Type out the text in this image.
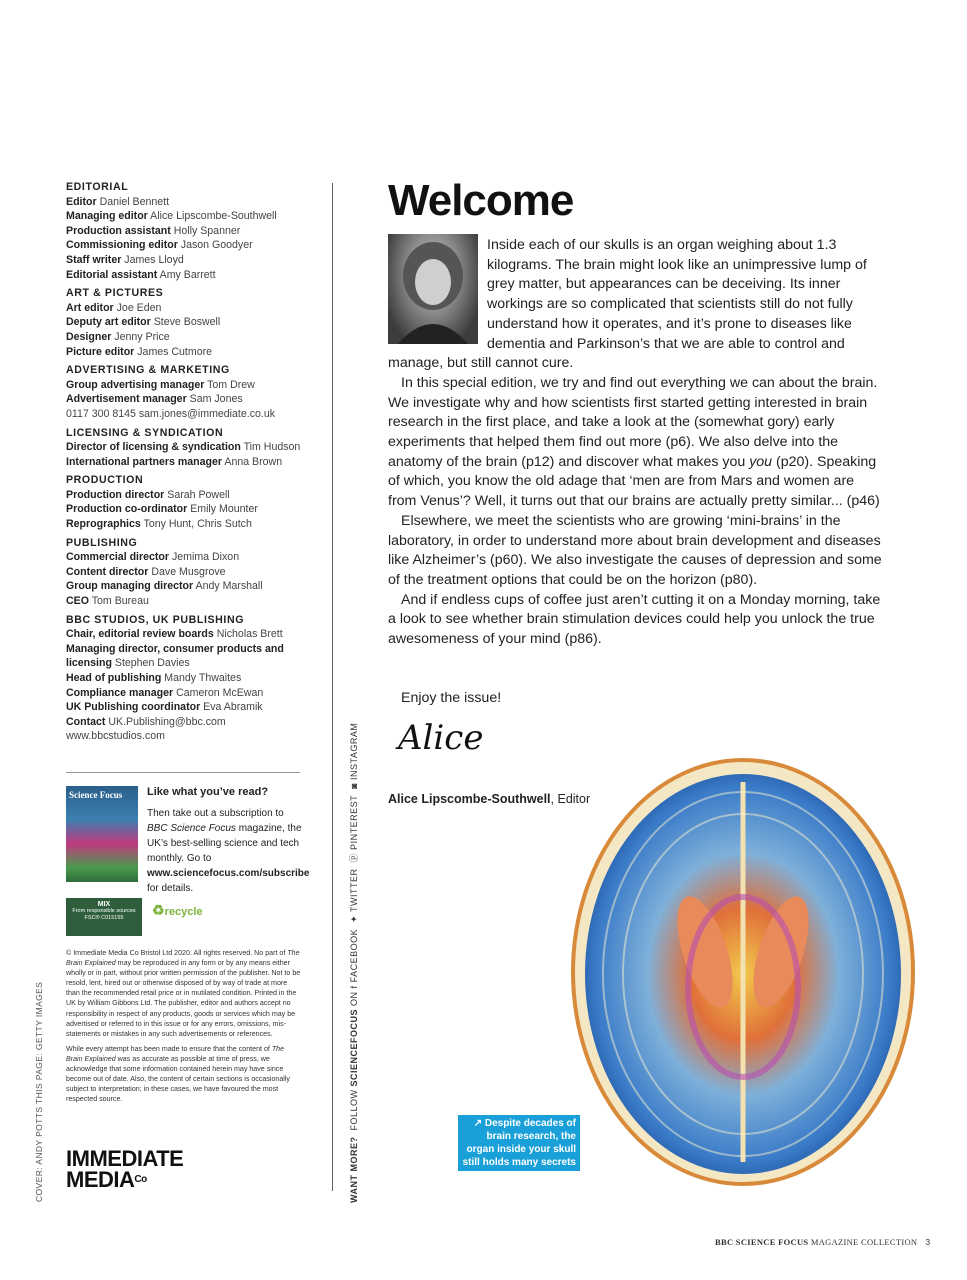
EDITORIAL
Editor Daniel Bennett
Managing editor Alice Lipscombe-Southwell
Production assistant Holly Spanner
Commissioning editor Jason Goodyer
Staff writer James Lloyd
Editorial assistant Amy Barrett
ART & PICTURES
Art editor Joe Eden
Deputy art editor Steve Boswell
Designer Jenny Price
Picture editor James Cutmore
ADVERTISING & MARKETING
Group advertising manager Tom Drew
Advertisement manager Sam Jones
0117 300 8145 sam.jones@immediate.co.uk
LICENSING & SYNDICATION
Director of licensing & syndication Tim Hudson
International partners manager Anna Brown
PRODUCTION
Production director Sarah Powell
Production co-ordinator Emily Mounter
Reprographics Tony Hunt, Chris Sutch
PUBLISHING
Commercial director Jemima Dixon
Content director Dave Musgrove
Group managing director Andy Marshall
CEO Tom Bureau
BBC STUDIOS, UK PUBLISHING
Chair, editorial review boards Nicholas Brett
Managing director, consumer products and licensing Stephen Davies
Head of publishing Mandy Thwaites
Compliance manager Cameron McEwan
UK Publishing coordinator Eva Abramik
Contact UK.Publishing@bbc.com
www.bbcstudios.com
Science Focus Like what you’ve read?
Then take out a subscription to BBC Science Focus magazine, the UK’s best-selling science and tech monthly. Go to www.sciencefocus.com/subscribe for details.
MIX
From responsible sources
FSC® C015155	♻recycle
© Immediate Media Co Bristol Ltd 2020. All rights reserved. No part of The Brain Explained may be reproduced in any form or by any means either wholly or in part, without prior written permission of the publisher. Not to be resold, lent, hired out or otherwise disposed of by way of trade at more than the recommended retail price or in mutilated condition. Printed in the UK by William Gibbons Ltd. The publisher, editor and authors accept no responsibility in respect of any products, goods or services which may be advertised or referred to in this issue or for any errors, omissions, mis-statements or mistakes in any such advertisements or references.
While every attempt has been made to ensure that the content of The Brain Explained was as accurate as possible at time of press, we acknowledge that some information contained herein may have since become out of date. Also, the content of certain sections is occasionally subject to interpretation; in these cases, we have favoured the most respected source.
IMMEDIATE
$MEDIA^{Co}$
COVER: ANDY POTTS THIS PAGE: GETTY IMAGES	WANT MORE?  FOLLOW SCIENCEFOCUS ON f FACEBOOK  ✦ TWITTER  ⓟ PINTEREST  ◙ INSTAGRAM
Welcome

Inside each of our skulls is an organ weighing about 1.3 kilograms. The brain might look like an unimpressive lump of grey matter, but appearances can be deceiving. Its inner workings are so complicated that scientists still do not fully understand how it operates, and it’s prone to diseases like dementia and Parkinson’s that we are able to control and manage, but still cannot cure.

In this special edition, we try and find out everything we can about the brain. We investigate why and how scientists first started getting interested in brain research in the first place, and take a look at the (somewhat gory) early experiments that helped them find out more (p6). We also delve into the anatomy of the brain (p12) and discover what makes you you (p20). Speaking of which, you know the old adage that ‘men are from Mars and women are from Venus’? Well, it turns out that our brains are actually pretty similar... (p46)

Elsewhere, we meet the scientists who are growing ‘mini-brains’ in the laboratory, in order to understand more about brain development and diseases like Alzheimer’s (p60). We also investigate the causes of depression and some of the treatment options that could be on the horizon (p80).

And if endless cups of coffee just aren’t cutting it on a Monday morning, take a look to see whether brain stimulation devices could help you unlock the true awesomeness of your mind (p86).

Enjoy the issue!
Alice
Alice Lipscombe-Southwell, Editor
↗ Despite decades of brain research, the organ inside your skull still holds many secrets
BBC SCIENCE FOCUS MAGAZINE COLLECTION 3
